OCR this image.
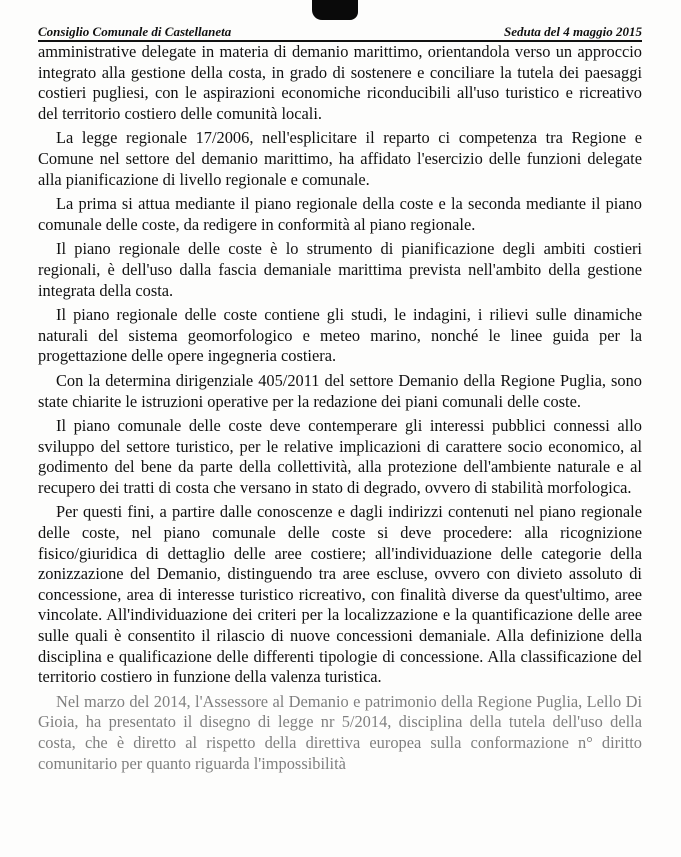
Consiglio Comunale di Castellaneta	Seduta del 4 maggio 2015

amministrative delegate in materia di demanio marittimo, orientandola verso un approccio integrato alla gestione della costa, in grado di sostenere e conciliare la tutela dei paesaggi costieri pugliesi, con le aspirazioni economiche riconducibili all'uso turistico e ricreativo del territorio costiero delle comunità locali.

La legge regionale 17/2006, nell'esplicitare il reparto ci competenza tra Regione e Comune nel settore del demanio marittimo, ha affidato l'esercizio delle funzioni delegate alla pianificazione di livello regionale e comunale.

La prima si attua mediante il piano regionale della coste e la seconda mediante il piano comunale delle coste, da redigere in conformità al piano regionale.

Il piano regionale delle coste è lo strumento di pianificazione degli ambiti costieri regionali, è dell'uso dalla fascia demaniale marittima prevista nell'ambito della gestione integrata della costa.

Il piano regionale delle coste contiene gli studi, le indagini, i rilievi sulle dinamiche naturali del sistema geomorfologico e meteo marino, nonché le linee guida per la progettazione delle opere ingegneria costiera.

Con la determina dirigenziale 405/2011 del settore Demanio della Regione Puglia, sono state chiarite le istruzioni operative per la redazione dei piani comunali delle coste.

Il piano comunale delle coste deve contemperare gli interessi pubblici connessi allo sviluppo del settore turistico, per le relative implicazioni di carattere socio economico, al godimento del bene da parte della collettività, alla protezione dell'ambiente naturale e al recupero dei tratti di costa che versano in stato di degrado, ovvero di stabilità morfologica.

Per questi fini, a partire dalle conoscenze e dagli indirizzi contenuti nel piano regionale delle coste, nel piano comunale delle coste si deve procedere: alla ricognizione fisico/giuridica di dettaglio delle aree costiere; all'individuazione delle categorie della zonizzazione del Demanio, distinguendo tra aree escluse, ovvero con divieto assoluto di concessione, area di interesse turistico ricreativo, con finalità diverse da quest'ultimo, aree vincolate. All'individuazione dei criteri per la localizzazione e la quantificazione delle aree sulle quali è consentito il rilascio di nuove concessioni demaniale. Alla definizione della disciplina e qualificazione delle differenti tipologie di concessione. Alla classificazione del territorio costiero in funzione della valenza turistica.

Nel marzo del 2014, l'Assessore al Demanio e patrimonio della Regione Puglia, Lello Di Gioia, ha presentato il disegno di legge nr 5/2014, disciplina della tutela dell'uso della costa, che è diretto al rispetto della direttiva europea sulla conformazione n° diritto comunitario per quanto riguarda l'impossibilità
